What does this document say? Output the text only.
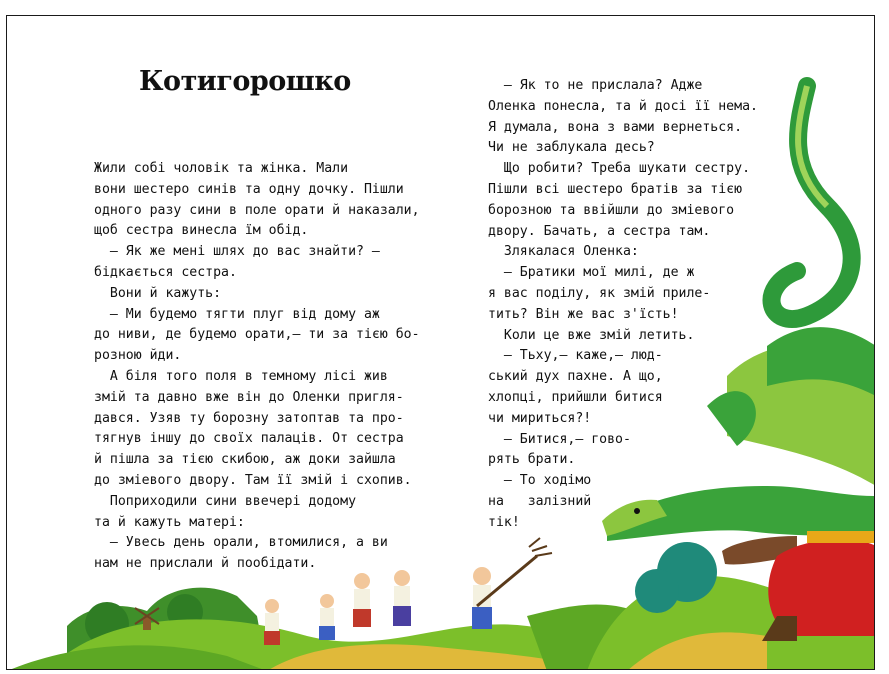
Котигорошко
Жили собі чоловік та жінка. Мали
вони шестеро синів та одну дочку. Пішли
одного разу сини в поле орати й наказали,
щоб сестра винесла їм обід.
— Як же мені шлях до вас знайти? —
бідкається сестра.
Вони й кажуть:
— Ми будемо тягти плуг від дому аж
до ниви, де будемо орати,— ти за тією бо-
розною йди.
А біля того поля в темному лісі жив
змій та давно вже він до Оленки пригля-
дався. Узяв ту борозну затоптав та про-
тягнув іншу до своїх палаців. От сестра
й пішла за тією скибою, аж доки зайшла
до зміевого двору. Там її змій і схопив.
Поприходили сини ввечері додому
та й кажуть матері:
— Увесь день орали, втомилися, а ви
нам не прислали й пообідати.
— Як то не прислала? Адже
Оленка понесла, та й досі її нема.
Я думала, вона з вами вернеться.
Чи не заблукала десь?
Що робити? Треба шукати сестру.
Пішли всі шестеро братів за тією
борозною та ввійшли до зміевого
двору. Бачать, а сестра там.
Злякалася Оленка:
— Братики мої милі, де ж
я вас поділу, як змій приле-
тить? Він же вас з'їсть!
Коли це вже змій летить.
— Тьху,— каже,— люд-
ський дух пахне. А що,
хлопці, прийшли битися
чи мириться?!
— Битися,— гово-
рять брати.
— То ходімо
на   залізний
тік!
